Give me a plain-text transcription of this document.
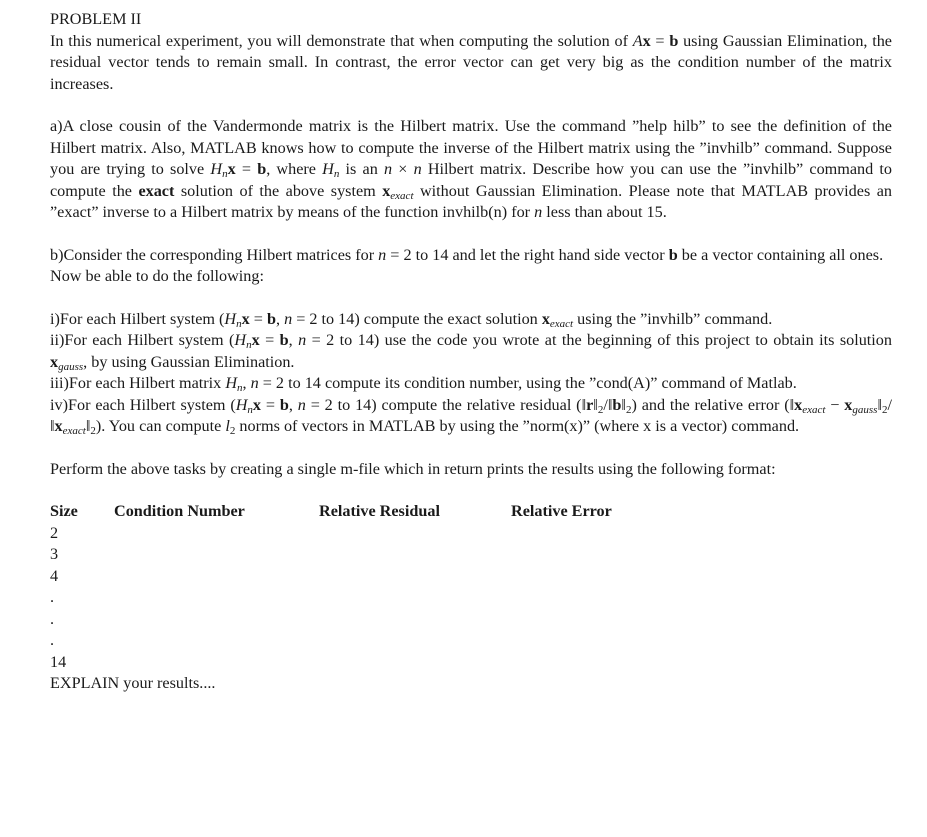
PROBLEM II

In this numerical experiment, you will demonstrate that when computing the solution of Ax = b using Gaussian Elimination, the residual vector tends to remain small. In contrast, the error vector can get very big as the condition number of the matrix increases.

a)A close cousin of the Vandermonde matrix is the Hilbert matrix. Use the command ”help hilb” to see the definition of the Hilbert matrix. Also, MATLAB knows how to compute the inverse of the Hilbert matrix using the ”invhilb” command. Suppose you are trying to solve $H_nx = b$, where $H_n$ is an n × n Hilbert matrix. Describe how you can use the ”invhilb” command to compute the exact solution of the above system $x_{exact}$ without Gaussian Elimination. Please note that MATLAB provides an ”exact” inverse to a Hilbert matrix by means of the function invhilb(n) for n less than about 15.

b)Consider the corresponding Hilbert matrices for n = 2 to 14 and let the right hand side vector b be a vector containing all ones.

Now be able to do the following:

i)For each Hilbert system ($H_nx = b$, n = 2 to 14) compute the exact solution $x_{exact}$ using the ”invhilb” command.

ii)For each Hilbert system ($H_nx = b$, n = 2 to 14) use the code you wrote at the beginning of this project to obtain its solution $x_{gauss}$, by using Gaussian Elimination.

iii)For each Hilbert matrix $H_n$, n = 2 to 14 compute its condition number, using the ”cond(A)” command of Matlab.

iv)For each Hilbert system ($H_nx = b$, n = 2 to 14) compute the relative residual $(‖r‖_2/‖b‖_2)$ and the relative error ($‖x_{exact}$ − $x_{gauss}‖_2/‖x_{exact}‖_2$). You can compute $l_2$ norms of vectors in MATLAB by using the ”norm(x)” (where x is a vector) command.

Perform the above tasks by creating a single m-file which in return prints the results using the following format:

Size Condition Number	Relative Residual	Relative Error

2

3

4

.

.

.

14

EXPLAIN your results....
